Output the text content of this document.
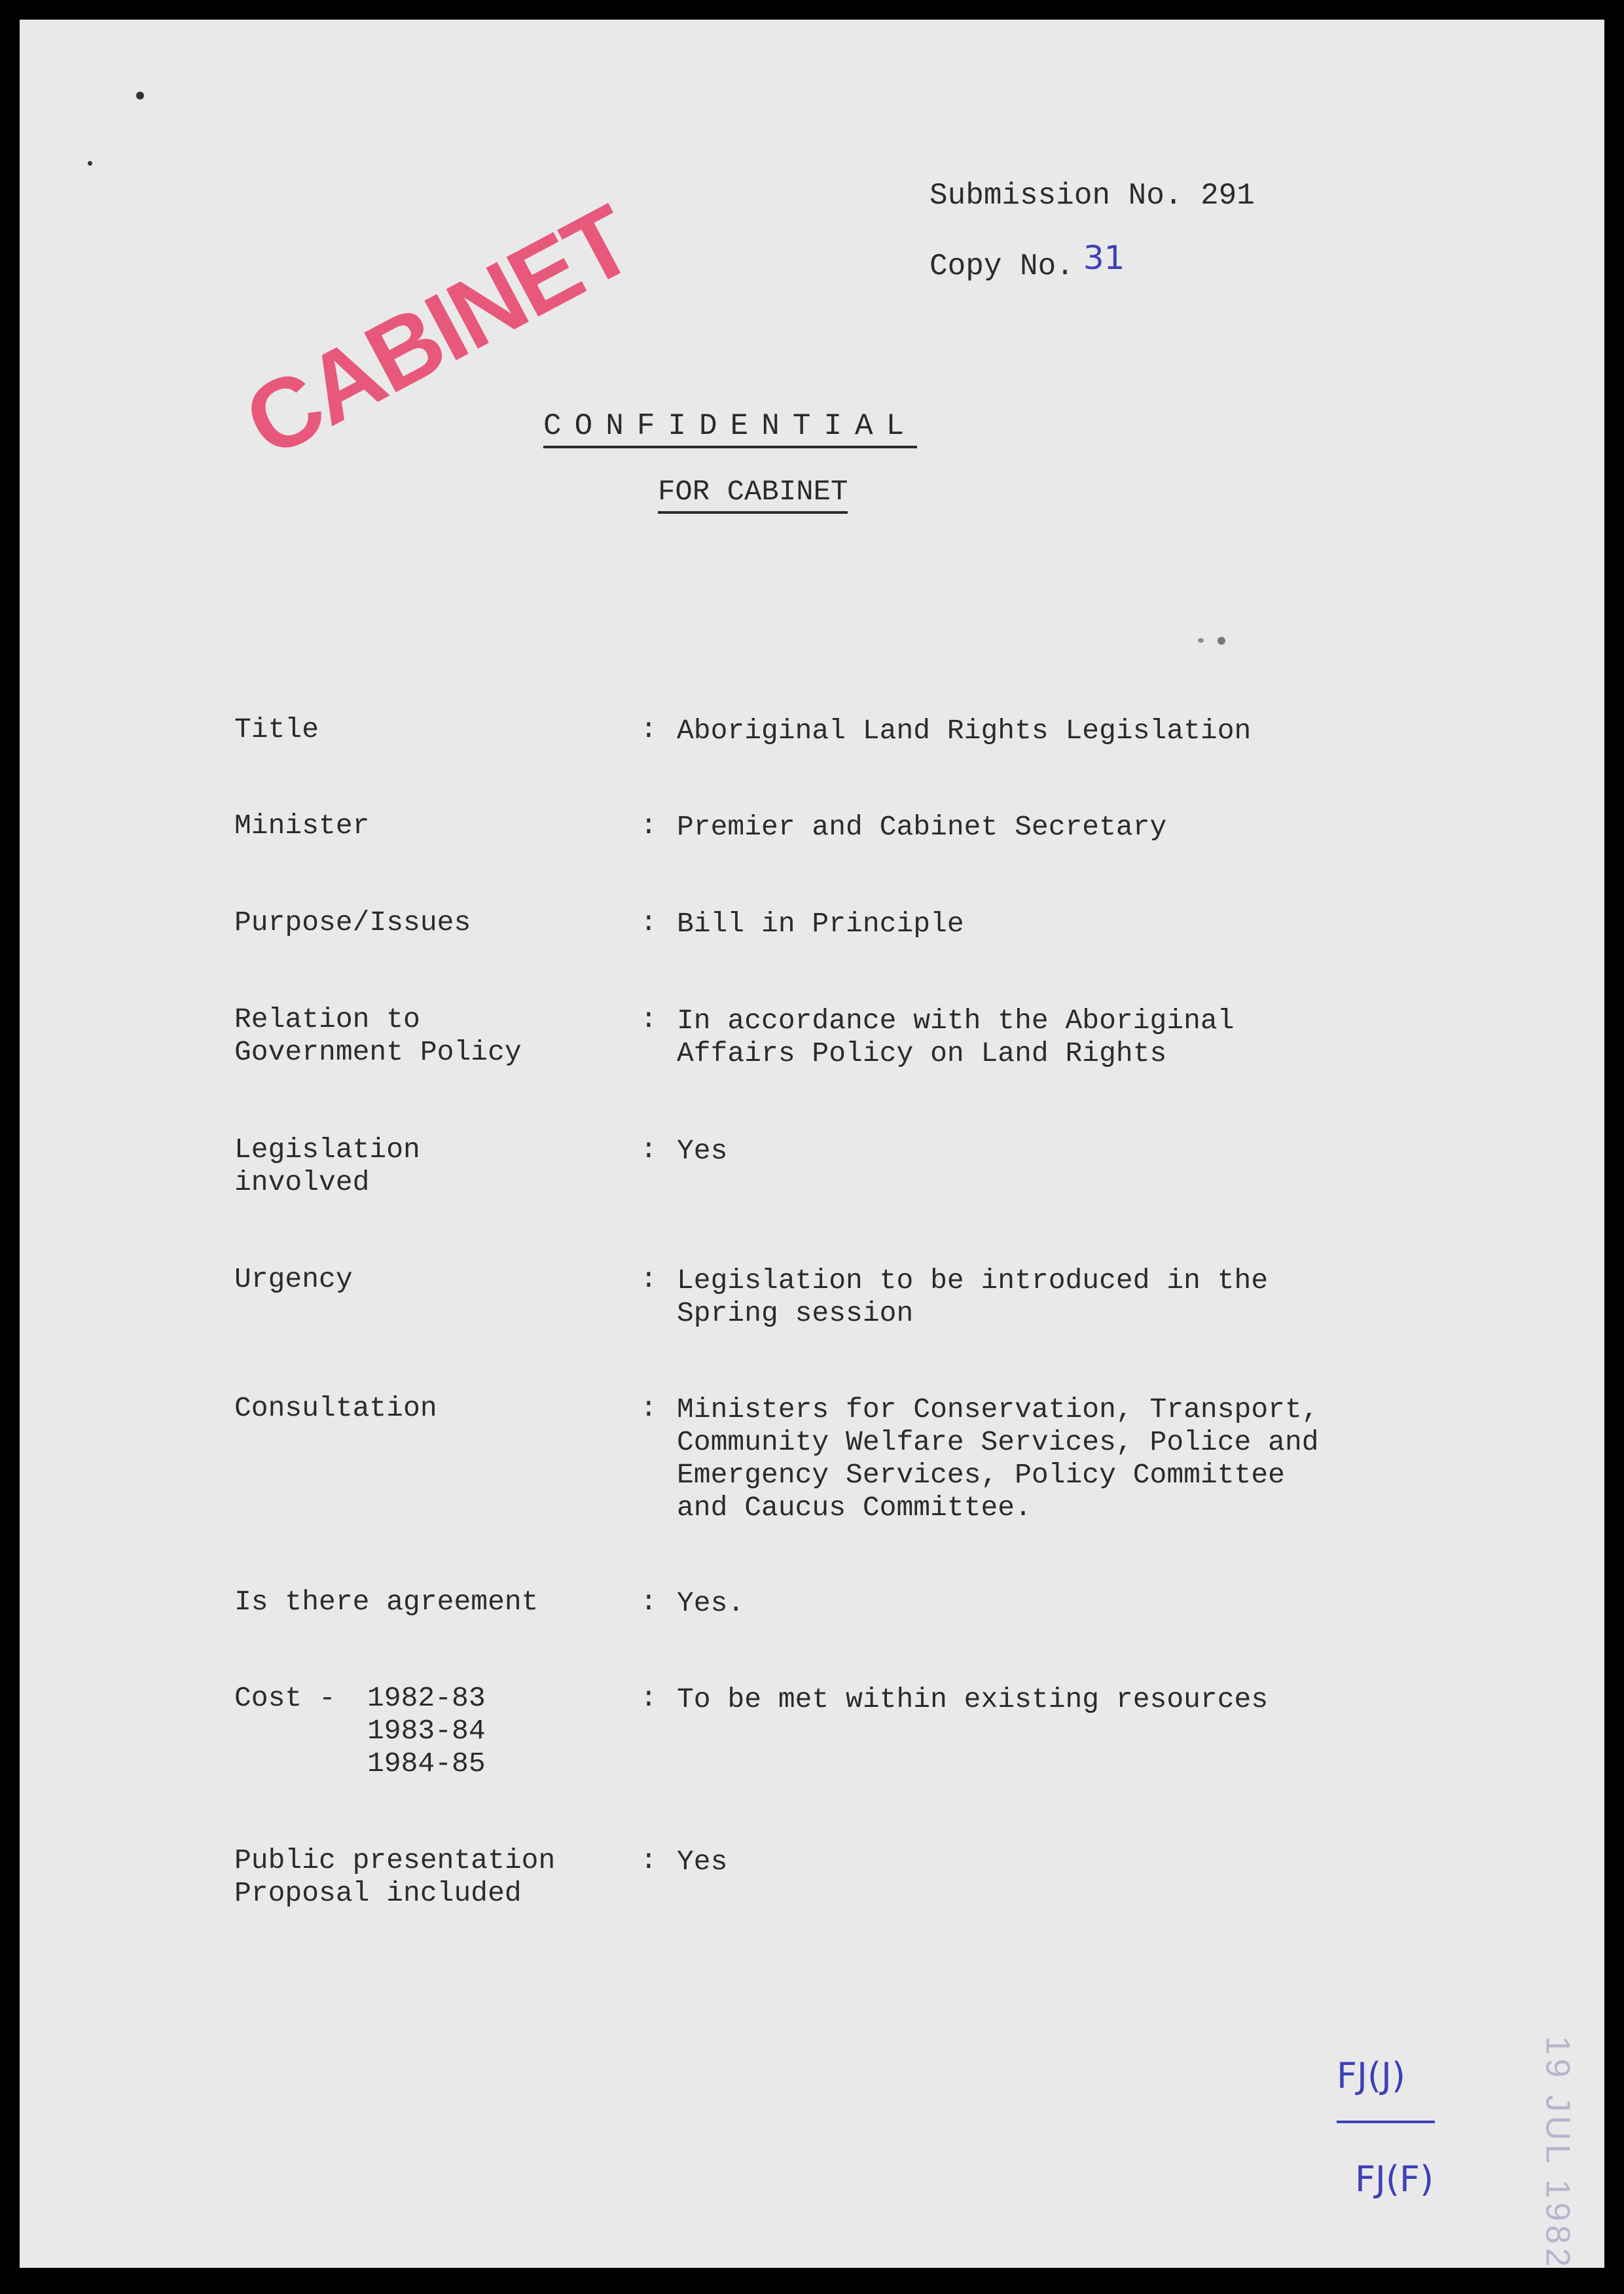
Submission No. 291
Copy No. 31
CABINET
CONFIDENTIAL
FOR CABINET
Title	: Aboriginal Land Rights Legislation
Minister	: Premier and Cabinet Secretary
Purpose/Issues	: Bill in Principle
Relation to
Government Policy
: In accordance with the Aboriginal
Affairs Policy on Land Rights
Legislation
involved
: Yes
Urgency	: Legislation to be introduced in the
Spring session
Consultation	: Ministers for Conservation, Transport,
Community Welfare Services, Police and
Emergency Services, Policy Committee
and Caucus Committee.
Is there agreement	: Yes.
Cost -	1982-83
1983-84
1984-85
: To be met within existing resources
Public presentation
Proposal included
: Yes
FJ(J)
FJ(F)	19 JUL 1982
